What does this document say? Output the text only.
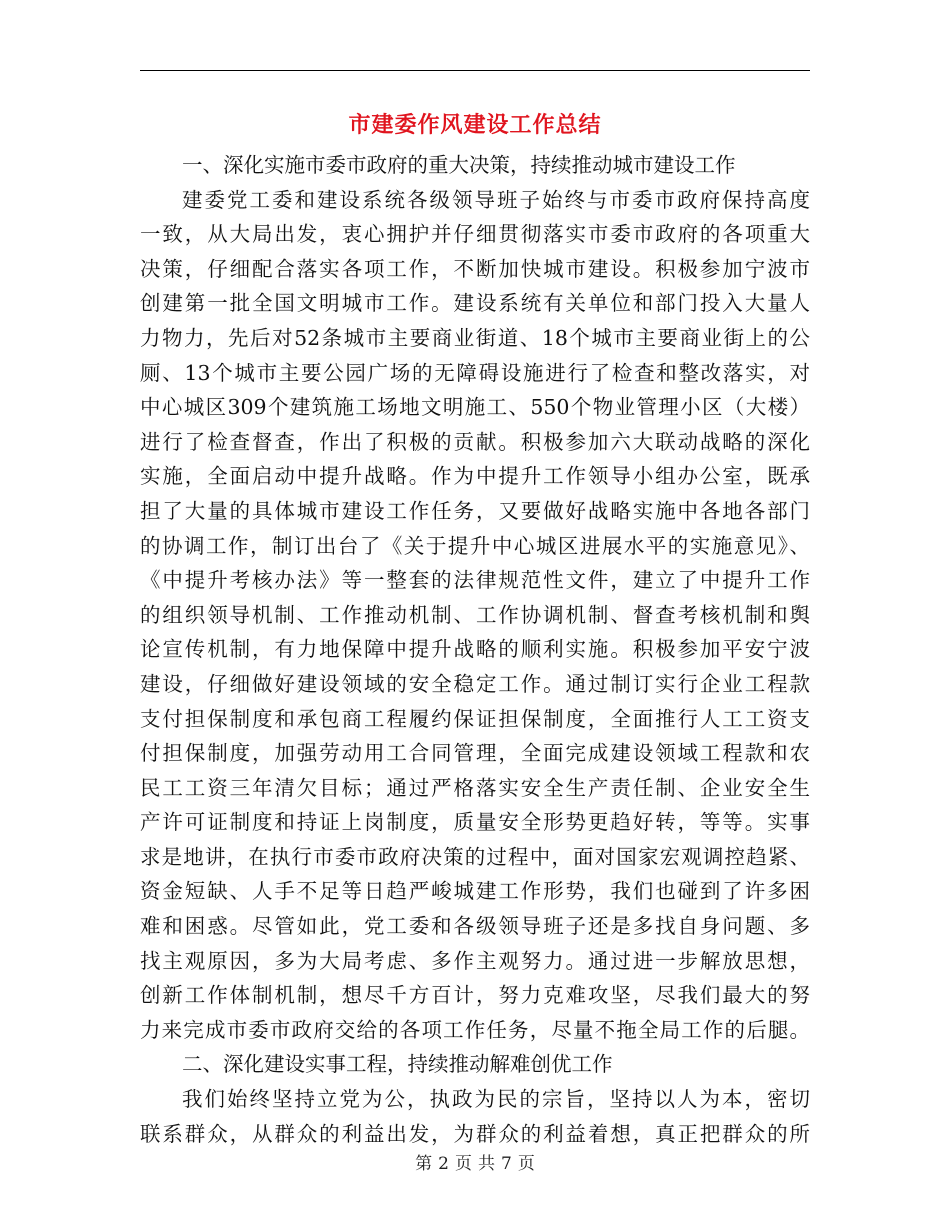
市建委作风建设工作总结
一、深化实施市委市政府的重大决策，持续推动城市建设工作
建委党工委和建设系统各级领导班子始终与市委市政府保持高度
一致，从大局出发，衷心拥护并仔细贯彻落实市委市政府的各项重大
决策，仔细配合落实各项工作，不断加快城市建设。积极参加宁波市
创建第一批全国文明城市工作。建设系统有关单位和部门投入大量人
力物力，先后对52条城市主要商业街道、18个城市主要商业街上的公
厕、13个城市主要公园广场的无障碍设施进行了检查和整改落实，对
中心城区309个建筑施工场地文明施工、550个物业管理小区（大楼）
进行了检查督查，作出了积极的贡献。积极参加六大联动战略的深化
实施，全面启动中提升战略。作为中提升工作领导小组办公室，既承
担了大量的具体城市建设工作任务，又要做好战略实施中各地各部门
的协调工作，制订出台了《关于提升中心城区进展水平的实施意见》、
《中提升考核办法》等一整套的法律规范性文件，建立了中提升工作
的组织领导机制、工作推动机制、工作协调机制、督查考核机制和舆
论宣传机制，有力地保障中提升战略的顺利实施。积极参加平安宁波
建设，仔细做好建设领域的安全稳定工作。通过制订实行企业工程款
支付担保制度和承包商工程履约保证担保制度，全面推行人工工资支
付担保制度，加强劳动用工合同管理，全面完成建设领域工程款和农
民工工资三年清欠目标；通过严格落实安全生产责任制、企业安全生
产许可证制度和持证上岗制度，质量安全形势更趋好转，等等。实事
求是地讲，在执行市委市政府决策的过程中，面对国家宏观调控趋紧、
资金短缺、人手不足等日趋严峻城建工作形势，我们也碰到了许多困
难和困惑。尽管如此，党工委和各级领导班子还是多找自身问题、多
找主观原因，多为大局考虑、多作主观努力。通过进一步解放思想，
创新工作体制机制，想尽千方百计，努力克难攻坚，尽我们最大的努
力来完成市委市政府交给的各项工作任务，尽量不拖全局工作的后腿。
二、深化建设实事工程，持续推动解难创优工作
我们始终坚持立党为公，执政为民的宗旨，坚持以人为本，密切
联系群众，从群众的利益出发，为群众的利益着想，真正把群众的所
第 2 页 共 7 页
